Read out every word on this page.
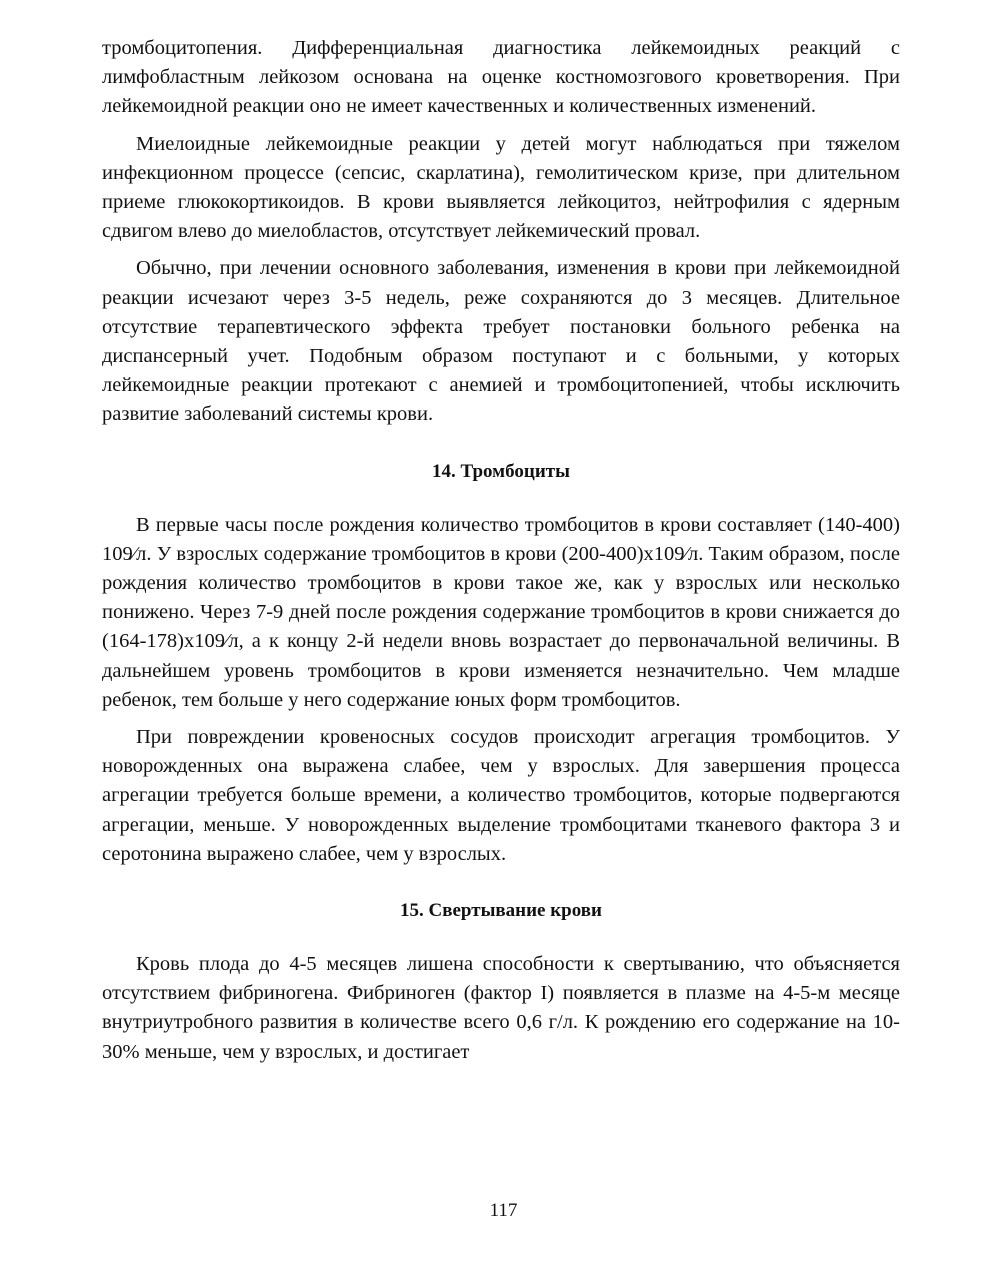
тромбоцитопения. Дифференциальная диагностика лейкемоидных реакций с лимфобластным лейкозом основана на оценке костномозгового кроветворения. При лейкемоидной реакции оно не имеет качественных и количественных изменений.

Миелоидные лейкемоидные реакции у детей могут наблюдаться при тяжелом инфекционном процессе (сепсис, скарлатина), гемолитическом кризе, при длительном приеме глюкокортикоидов. В крови выявляется лейкоцитоз, нейтрофилия с ядерным сдвигом влево до миелобластов, отсутствует лейкемический провал.

Обычно, при лечении основного заболевания, изменения в крови при лейкемоидной реакции исчезают через 3-5 недель, реже сохраняются до 3 месяцев. Длительное отсутствие терапевтического эффекта требует постановки больного ребенка на диспансерный учет. Подобным образом поступают и с больными, у которых лейкемоидные реакции протекают с анемией и тромбоцитопенией, чтобы исключить развитие заболеваний системы крови.

14. Тромбоциты

В первые часы после рождения количество тромбоцитов в крови составляет (140-400) 109⁄л. У взрослых содержание тромбоцитов в крови (200-400)х109⁄л. Таким образом, после рождения количество тромбоцитов в крови такое же, как у взрослых или несколько понижено. Через 7-9 дней после рождения содержание тромбоцитов в крови снижается до (164-178)х109⁄л, а к концу 2-й недели вновь возрастает до первоначальной величины. В дальнейшем уровень тромбоцитов в крови изменяется незначительно. Чем младше ребенок, тем больше у него содержание юных форм тромбоцитов.

При повреждении кровеносных сосудов происходит агрегация тромбоцитов. У новорожденных она выражена слабее, чем у взрослых. Для завершения процесса агрегации требуется больше времени, а количество тромбоцитов, которые подвергаются агрегации, меньше. У новорожденных выделение тромбоцитами тканевого фактора 3 и серотонина выражено слабее, чем у взрослых.

15. Свертывание крови

Кровь плода до 4-5 месяцев лишена способности к свертыванию, что объясняется отсутствием фибриногена. Фибриноген (фактор I) появляется в плазме на 4-5-м месяце внутриутробного развития в количестве всего 0,6 г/л. К рождению его содержание на 10-30% меньше, чем у взрослых, и достигает

117
